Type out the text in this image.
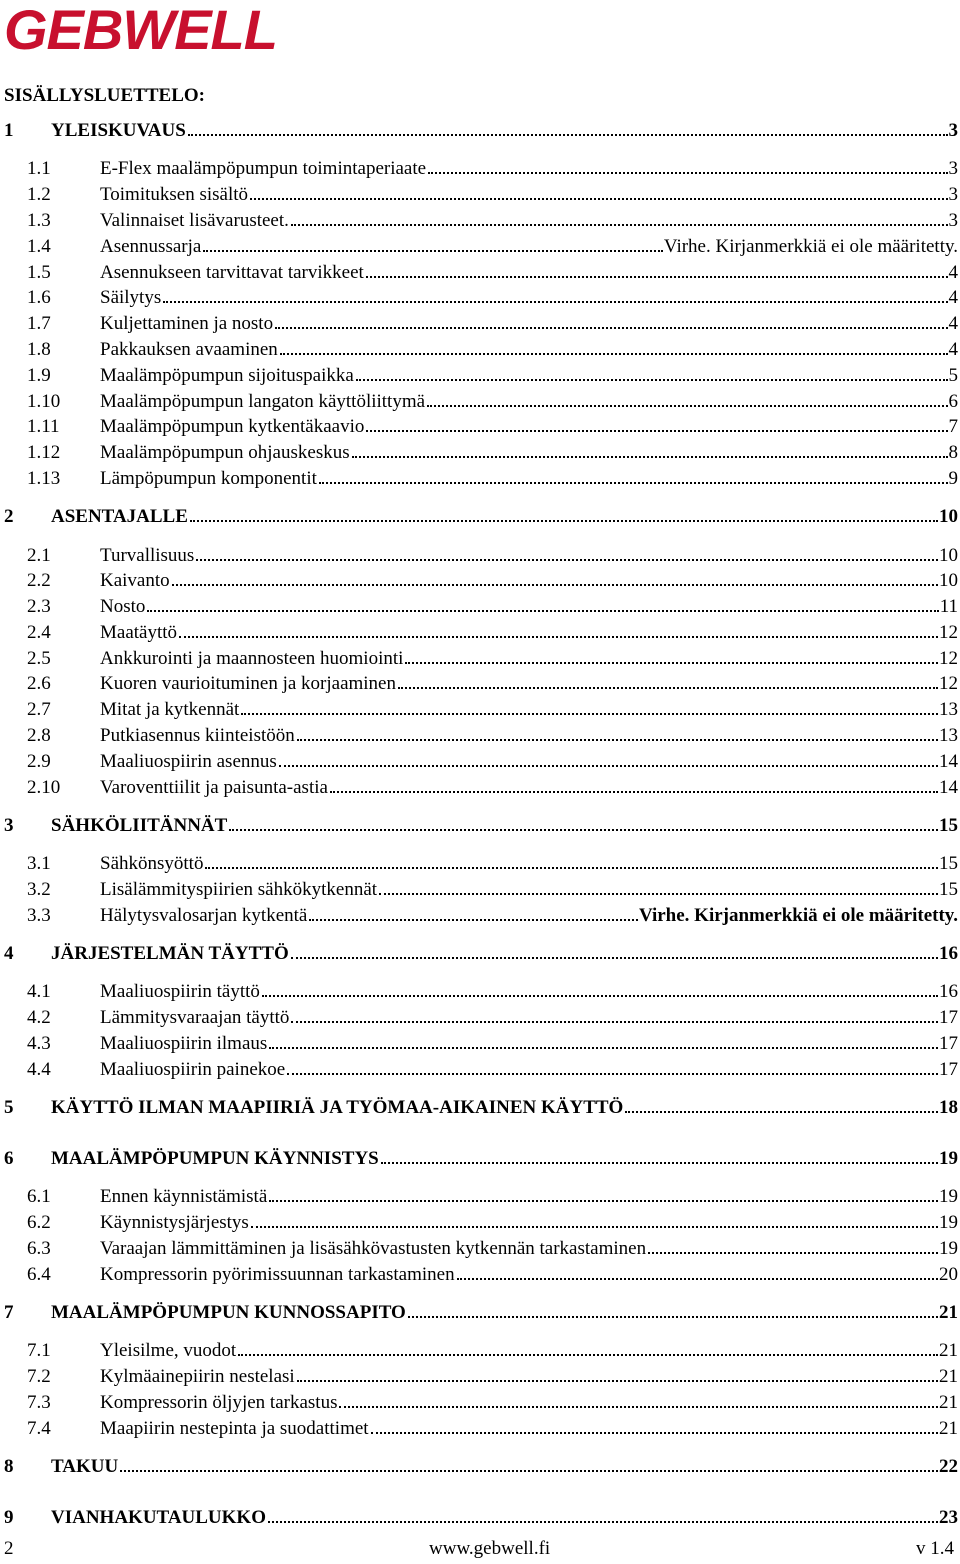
GEBWELL
SISÄLLYSLUETTELO:
1 YLEISKUVAUS	3
1.1	E-Flex maalämpöpumpun toimintaperiaate	3
1.2	Toimituksen sisältö	3
1.3	Valinnaiset lisävarusteet.	3
1.4	Asennussarja	Virhe. Kirjanmerkkiä ei ole määritetty.
1.5	Asennukseen tarvittavat tarvikkeet	4
1.6	Säilytys	4
1.7	Kuljettaminen ja nosto	4
1.8	Pakkauksen avaaminen	4
1.9	Maalämpöpumpun sijoituspaikka	5
1.10 Maalämpöpumpun langaton käyttöliittymä	6
1.11 Maalämpöpumpun kytkentäkaavio	7
1.12 Maalämpöpumpun ohjauskeskus	8
1.13 Lämpöpumpun komponentit	9
2 ASENTAJALLE	10
2.1	Turvallisuus	10
2.2	Kaivanto	10
2.3	Nosto	11
2.4	Maatäyttö	12
2.5	Ankkurointi ja maannosteen huomiointi	12
2.6	Kuoren vaurioituminen ja korjaaminen	12
2.7	Mitat ja kytkennät	13
2.8	Putkiasennus kiinteistöön	13
2.9	Maaliuospiirin asennus	14
2.10 Varoventtiilit ja paisunta-astia	14
3 SÄHKÖLIITÄNNÄT	15
3.1	Sähkönsyöttö	15
3.2	Lisälämmityspiirien sähkökytkennät	15
3.3	Hälytysvalosarjan kytkentä	Virhe. Kirjanmerkkiä ei ole määritetty.
4 JÄRJESTELMÄN TÄYTTÖ	16
4.1	Maaliuospiirin täyttö	16
4.2	Lämmitysvaraajan täyttö	17
4.3	Maaliuospiirin ilmaus	17
4.4	Maaliuospiirin painekoe	17
5 KÄYTTÖ ILMAN MAAPIIRIÄ JA TYÖMAA-AIKAINEN KÄYTTÖ	18
6 MAALÄMPÖPUMPUN KÄYNNISTYS	19
6.1	Ennen käynnistämistä	19
6.2	Käynnistysjärjestys	19
6.3	Varaajan lämmittäminen ja lisäsähkövastusten kytkennän tarkastaminen	19
6.4	Kompressorin pyörimissuunnan tarkastaminen	20
7 MAALÄMPÖPUMPUN KUNNOSSAPITO	21
7.1	Yleisilme, vuodot	21
7.2	Kylmäainepiirin nestelasi	21
7.3	Kompressorin öljyjen tarkastus	21
7.4	Maapiirin nestepinta ja suodattimet	21
8 TAKUU	22
9 VIANHAKUTAULUKKO	23
2	www.gebwell.fi	v 1.4
